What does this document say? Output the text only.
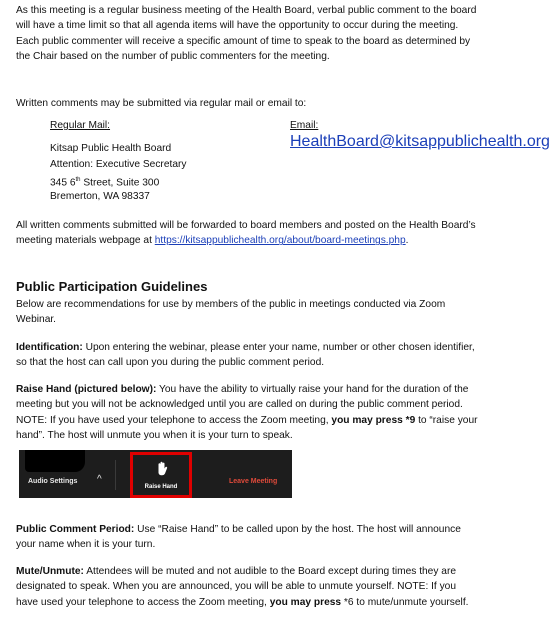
As this meeting is a regular business meeting of the Health Board, verbal public comment to the board will have a time limit so that all agenda items will have the opportunity to occur during the meeting. Each public commenter will receive a specific amount of time to speak to the board as determined by the Chair based on the number of public commenters for the meeting.

Written comments may be submitted via regular mail or email to:

Regular Mail:
Kitsap Public Health Board
Attention: Executive Secretary
345 6th Street, Suite 300
Bremerton, WA 98337
Email:
HealthBoard@kitsappublichealth.org

All written comments submitted will be forwarded to board members and posted on the Health Board’s meeting materials webpage at https://kitsappublichealth.org/about/board-meetings.php.

Public Participation Guidelines

Below are recommendations for use by members of the public in meetings conducted via Zoom Webinar.

Identification: Upon entering the webinar, please enter your name, number or other chosen identifier, so that the host can call upon you during the public comment period.

Raise Hand (pictured below): You have the ability to virtually raise your hand for the duration of the meeting but you will not be acknowledged until you are called on during the public comment period. NOTE: If you have used your telephone to access the Zoom meeting, you may press *9 to “raise your hand”. The host will unmute you when it is your turn to speak.

Audio Settings ^
Raise Hand
Leave Meeting

Public Comment Period: Use “Raise Hand” to be called upon by the host. The host will announce your name when it is your turn.

Mute/Unmute: Attendees will be muted and not audible to the Board except during times they are designated to speak. When you are announced, you will be able to unmute yourself. NOTE: If you have used your telephone to access the Zoom meeting, you may press *6 to mute/unmute yourself.
